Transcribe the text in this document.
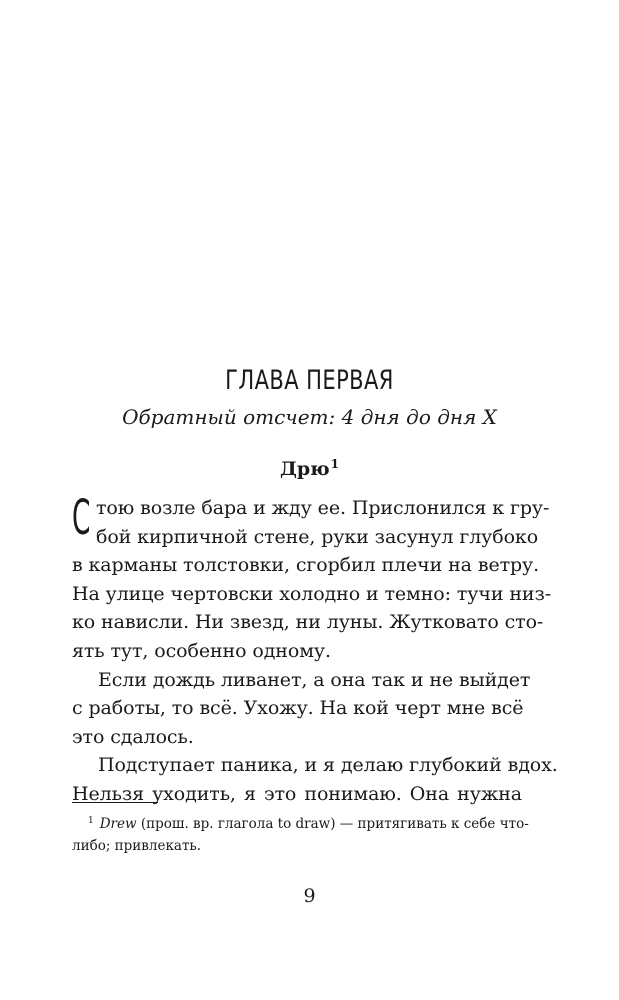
ГЛАВА ПЕРВАЯ
Обратный отсчет: 4 дня до дня X
Дрю$^1$
С тою возле бара и жду ее. Прислонился к гру-
бой кирпичной стене, руки засунул глубоко
в карманы толстовки, сгорбил плечи на ветру.
На улице чертовски холодно и темно: тучи низ-
ко нависли. Ни звезд, ни луны. Жутковато сто-
ять тут, особенно одному.
Если дождь ливанет, а она так и не выйдет
с работы, то всё. Ухожу. На кой черт мне всё
это сдалось.
Подступает паника, и я делаю глубокий вдох.
Нельзя уходить, я это понимаю. Она нужна
$^1$ Drew (прош. вр. глагола to draw) — притягивать к себе что-
либо; привлекать.
9
